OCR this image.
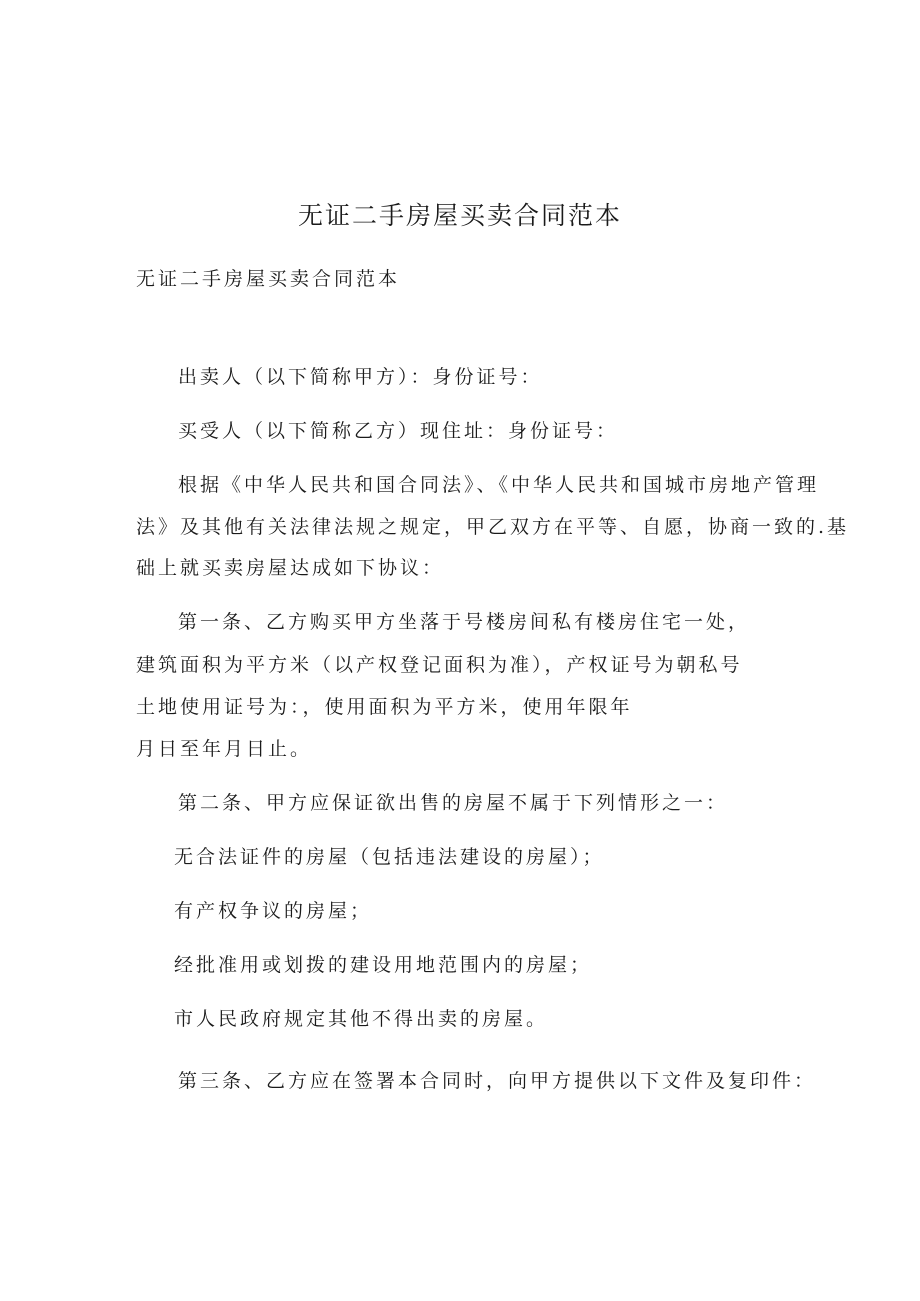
无证二手房屋买卖合同范本
无证二手房屋买卖合同范本
出卖人（以下简称甲方）：身份证号：
买受人（以下简称乙方）现住址：身份证号：
根据《中华人民共和国合同法》、《中华人民共和国城市房地产管理
法》及其他有关法律法规之规定，甲乙双方在平等、自愿，协商一致的.基
础上就买卖房屋达成如下协议：
第一条、乙方购买甲方坐落于号楼房间私有楼房住宅一处，
建筑面积为平方米（以产权登记面积为准），产权证号为朝私号
土地使用证号为：，使用面积为平方米，使用年限年
月日至年月日止。
第二条、甲方应保证欲出售的房屋不属于下列情形之一：
无合法证件的房屋（包括违法建设的房屋）；
有产权争议的房屋；
经批准用或划拨的建设用地范围内的房屋；
市人民政府规定其他不得出卖的房屋。
第三条、乙方应在签署本合同时，向甲方提供以下文件及复印件：
